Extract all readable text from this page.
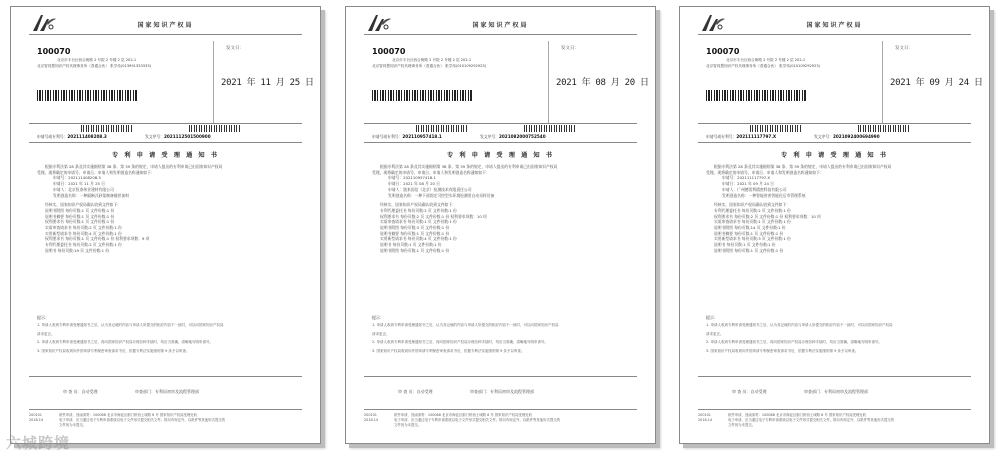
国家知识产权局
100070
北京市丰台区西合街路 2 号院 2 号楼 2 层 202-1
北京智同慧知识产权代理事务所（普通合伙） 张学伟(013991353333)
发文日：
2021 年 11 月 25 日
申请号或专利号：202111408208.3	发文序号：2021112501500900
专 利 申 请 受 理 通 知 书

根据专利法第 28 条及其实施细则第 38 条、第 39 条的规定，申请人提出的专利申请已由国家知识产权局

受理。现将确定的申请号、申请日、申请人和发明创造名称通知如下：

申请号：202111408208.3

申请日：2021 年 11 月 25 日

申请人：北京恒泰伟业建材有限公司

发明创造名称：一种隔断式砂浆制备搅拌加料

经核实，国家知识产权局确认收到文件如下：

说明书附图 每份页数:1 页 文件份数:1 份

说明书摘要 每份页数:1 页 文件份数:1 份

权利要求书 每份页数:1 页 文件份数:1 份

实质审查请求书 每份页数:2 页 文件份数:1 份

实用新型请求书 每份页数:4 页 文件份数:1 份

权利要求书 每份页数:1 页 文件份数:1 份 权利要求项数：9 项

专利代理委托书 每份页数:2 页 文件份数:1 份

说明书 每份页数:19 页 文件份数:1 份

提示：

1. 申请人收到专利申请受理通知书之后，认为其记载的内容与申请人所提交的相应内容不一致时，可以向国家知识产权局

请求更正。

2. 申请人收到专利申请受理通知书之后，再向国家知识产权局办理各种手续时，均应当准确、清晰地写明申请号。

3. 国家知识产权局收到向外国申请专利保密审查请求书后，依据专利法实施细则第 9 条予以审查。

审 查 员：自动受理	审查部门：专利局初审及流程管理部
200101
2018.14
纸件申请，回函请寄：100088 北京市海淀区蓟门桥西土城路 6 号 国家知识产权局受理处收
电子申请，应当通过电子专利申请系统以电子文件形式提交相关文件。除另有规定外，以纸件等其他形式提交的
文件视为未提交。
国家知识产权局
100070
北京市丰台区西合街路 2 号院 2 号楼 2 层 202-1
北京智同慧知识产权代理事务所（普通合伙） 张学伟(010109292923)
发文日：
2021 年 08 月 20 日
申请号或专利号：202110957418.1	发文序号：2021082000752540
专 利 申 请 受 理 通 知 书

根据专利法第 28 条及其实施细则第 38 条、第 39 条的规定，申请人提出的专利申请已由国家知识产权局

受理。现将确定的申请号、申请日、申请人和发明创造名称通知如下：

申请号：202110957418.1

申请日：2021 年 08 月 20 日

申请人：奥来国信（北京）检测技术有限责任公司

发明创造名称：一种下部固定可控型水环境检测用自动采样设备

经核实，国家知识产权局确认收到文件如下：

专利代理委托书 每份页数:2 页 文件份数:1 份

权利要求书 每份页数:2 页 文件份数:1 份 权利要求项数：10 项

实质审查请求书 每份页数:1 页 文件份数:1 份

说明书附图 每份页数:3 页 文件份数:1 份

说明书摘要 每份页数:1 页 文件份数:1 份

实用新型请求书 每份页数:4 页 文件份数:1 份

说明书 每份页数:1 页 文件份数:1 份

说明书附图 每份页数:1 页 文件份数:1 份

提示：

1. 申请人收到专利申请受理通知书之后，认为其记载的内容与申请人所提交的相应内容不一致时，可以向国家知识产权局

请求更正。

2. 申请人收到专利申请受理通知书之后，再向国家知识产权局办理各种手续时，均应当准确、清晰地写明申请号。

3. 国家知识产权局收到向外国申请专利保密审查请求书后，依据专利法实施细则第 9 条予以审查。

审 查 员：自动受理	审查部门：专利局初审及流程管理部
200101
2018.14
纸件申请，回函请寄：100088 北京市海淀区蓟门桥西土城路 6 号 国家知识产权局受理处收
电子申请，应当通过电子专利申请系统以电子文件形式提交相关文件。除另有规定外，以纸件等其他形式提交的
文件视为未提交。
国家知识产权局
100070
北京市丰台区西合街路 2 号院 2 号楼 2 层 202-1
北京智同慧知识产权代理事务所（普通合伙） 张学伟(010109292923)
发文日：
2021 年 09 月 24 日
申请号或专利号：202111117797.X	发文序号：2021092400694990
专 利 申 请 受 理 通 知 书

根据专利法第 28 条及其实施细则第 38 条、第 39 条的规定，申请人提出的专利申请已由国家知识产权局

受理。现将确定的申请号、申请日、申请人和发明创造名称通知如下：

申请号：202111117797.X

申请日：2021 年 09 月 24 日

申请人：广州德雷利精密科技有限公司

发明创造名称：一种智能省省智能化后市管理系统

经核实，国家知识产权局确认收到文件如下：

专利代理委托书 每份页数:2 页 文件份数:1 份

权利要求书 每份页数:2 页 文件份数:1 份 权利要求项数：10 项

实质审查请求书 每份页数:1 页 文件份数:1 份

说明书附图 每份页数:14 页 文件份数:1 份

说明书摘要 每份页数:1 页 文件份数:1 份

实用新型请求书 每份页数:3 页 文件份数:1 份

说明书 每份页数:1 页 文件份数:1 份

说明书附图 每份页数:1 页 文件份数:1 份

提示：

1. 申请人收到专利申请受理通知书之后，认为其记载的内容与申请人所提交的相应内容不一致时，可以向国家知识产权局

请求更正。

2. 申请人收到专利申请受理通知书之后，再向国家知识产权局办理各种手续时，均应当准确、清晰地写明申请号。

3. 国家知识产权局收到向外国申请专利保密审查请求书后，依据专利法实施细则第 9 条予以审查。

审 查 员：自动受理	审查部门：专利局初审及流程管理部
200101
2018.14
纸件申请，回函请寄：100088 北京市海淀区蓟门桥西土城路 6 号 国家知识产权局受理处收
电子申请，应当通过电子专利申请系统以电子文件形式提交相关文件。除另有规定外，以纸件等其他形式提交的
文件视为未提交。
六城跨境
